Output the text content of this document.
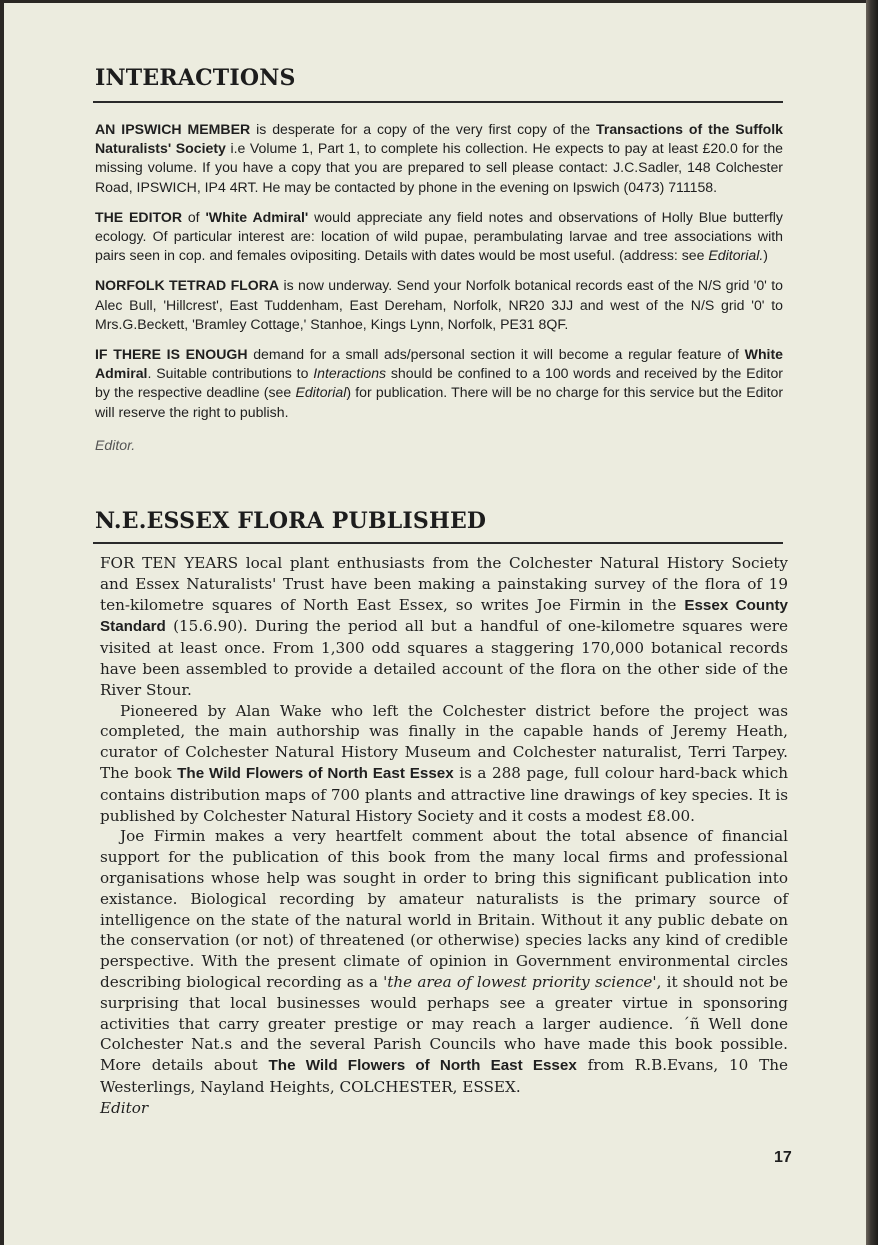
INTERACTIONS

AN IPSWICH MEMBER is desperate for a copy of the very first copy of the Transactions of the Suffolk Naturalists' Society i.e Volume 1, Part 1, to complete his collection. He expects to pay at least £20.0 for the missing volume. If you have a copy that you are prepared to sell please contact: J.C.Sadler, 148 Colchester Road, IPSWICH, IP4 4RT. He may be contacted by phone in the evening on Ipswich (0473) 711158.

THE EDITOR of 'White Admiral' would appreciate any field notes and observations of Holly Blue butterfly ecology. Of particular interest are: location of wild pupae, perambulating larvae and tree associations with pairs seen in cop. and females ovipositing. Details with dates would be most useful. (address: see Editorial.)

NORFOLK TETRAD FLORA is now underway. Send your Norfolk botanical records east of the N/S grid '0' to Alec Bull, 'Hillcrest', East Tuddenham, East Dereham, Norfolk, NR20 3JJ and west of the N/S grid '0' to Mrs.G.Beckett, 'Bramley Cottage,' Stanhoe, Kings Lynn, Norfolk, PE31 8QF.

IF THERE IS ENOUGH demand for a small ads/personal section it will become a regular feature of White Admiral. Suitable contributions to Interactions should be confined to a 100 words and received by the Editor by the respective deadline (see Editorial) for publication. There will be no charge for this service but the Editor will reserve the right to publish.

Editor.

N.E.ESSEX FLORA PUBLISHED

FOR TEN YEARS local plant enthusiasts from the Colchester Natural History Society and Essex Naturalists' Trust have been making a painstaking survey of the flora of 19 ten-kilometre squares of North East Essex, so writes Joe Firmin in the Essex County Standard (15.6.90). During the period all but a handful of one-kilometre squares were visited at least once. From 1,300 odd squares a staggering 170,000 botanical records have been assembled to provide a detailed account of the flora on the other side of the River Stour.

Pioneered by Alan Wake who left the Colchester district before the project was completed, the main authorship was finally in the capable hands of Jeremy Heath, curator of Colchester Natural History Museum and Colchester naturalist, Terri Tarpey. The book The Wild Flowers of North East Essex is a 288 page, full colour hard-back which contains distribution maps of 700 plants and attractive line drawings of key species. It is published by Colchester Natural History Society and it costs a modest £8.00.

Joe Firmin makes a very heartfelt comment about the total absence of financial support for the publication of this book from the many local firms and professional organisations whose help was sought in order to bring this significant publication into existance. Biological recording by amateur naturalists is the primary source of intelligence on the state of the natural world in Britain. Without it any public debate on the conservation (or not) of threatened (or otherwise) species lacks any kind of credible perspective. With the present climate of opinion in Government environmental circles describing biological recording as a 'the area of lowest priority science', it should not be surprising that local businesses would perhaps see a greater virtue in sponsoring activities that carry greater prestige or may reach a larger audience. ´ñ Well done Colchester Nat.s and the several Parish Councils who have made this book possible. More details about The Wild Flowers of North East Essex from R.B.Evans, 10 The Westerlings, Nayland Heights, COLCHESTER, ESSEX.

Editor

17
